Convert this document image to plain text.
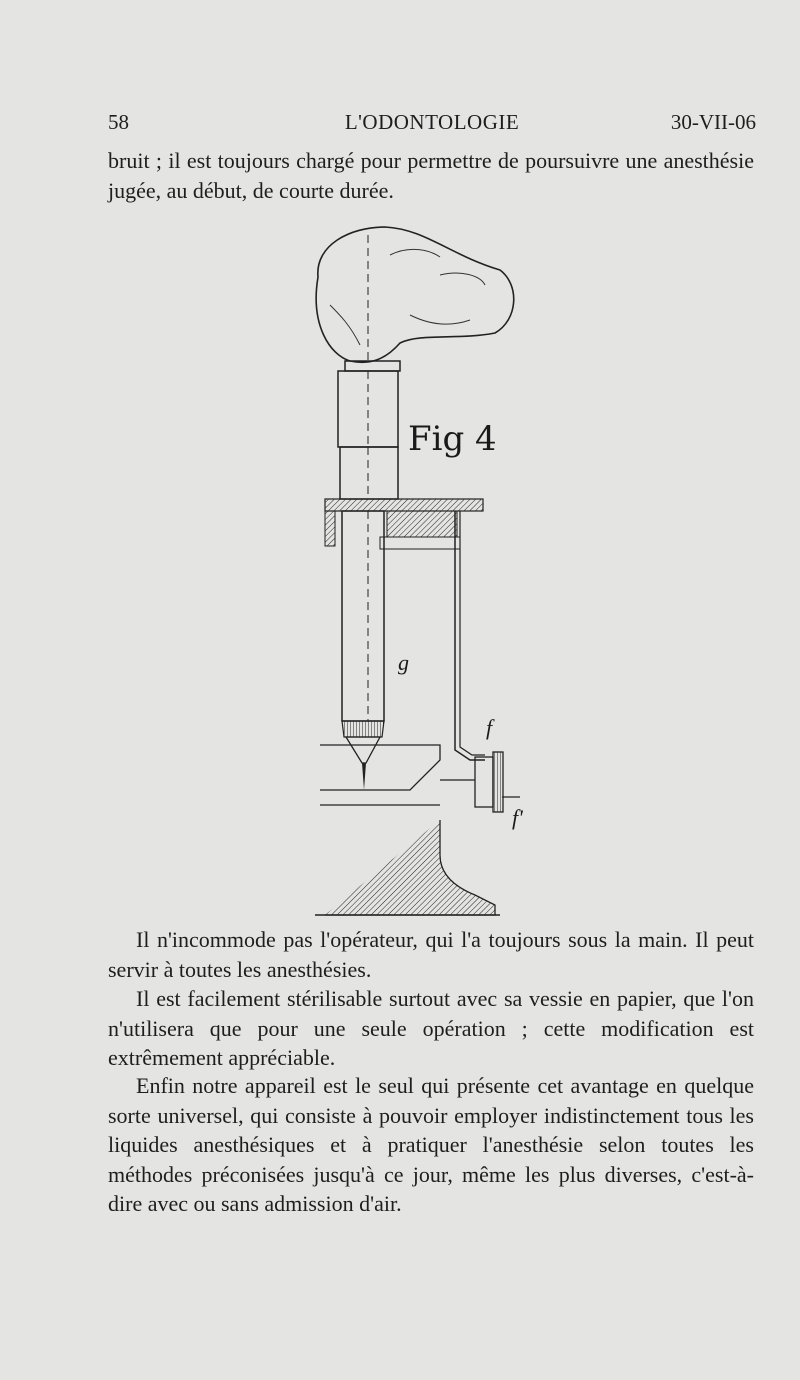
58	L'ODONTOLOGIE	30-VII-06

bruit ; il est toujours chargé pour permettre de poursuivre une anesthésie jugée, au début, de courte durée.

Fig 4
g
f
f'

Il n'incommode pas l'opérateur, qui l'a toujours sous la main. Il peut servir à toutes les anesthésies.

Il est facilement stérilisable surtout avec sa vessie en papier, que l'on n'utilisera que pour une seule opération ; cette modification est extrêmement appréciable.

Enfin notre appareil est le seul qui présente cet avantage en quelque sorte universel, qui consiste à pouvoir employer indistinctement tous les liquides anesthésiques et à pratiquer l'anesthésie selon toutes les méthodes préconisées jusqu'à ce jour, même les plus diverses, c'est-à-dire avec ou sans admission d'air.
